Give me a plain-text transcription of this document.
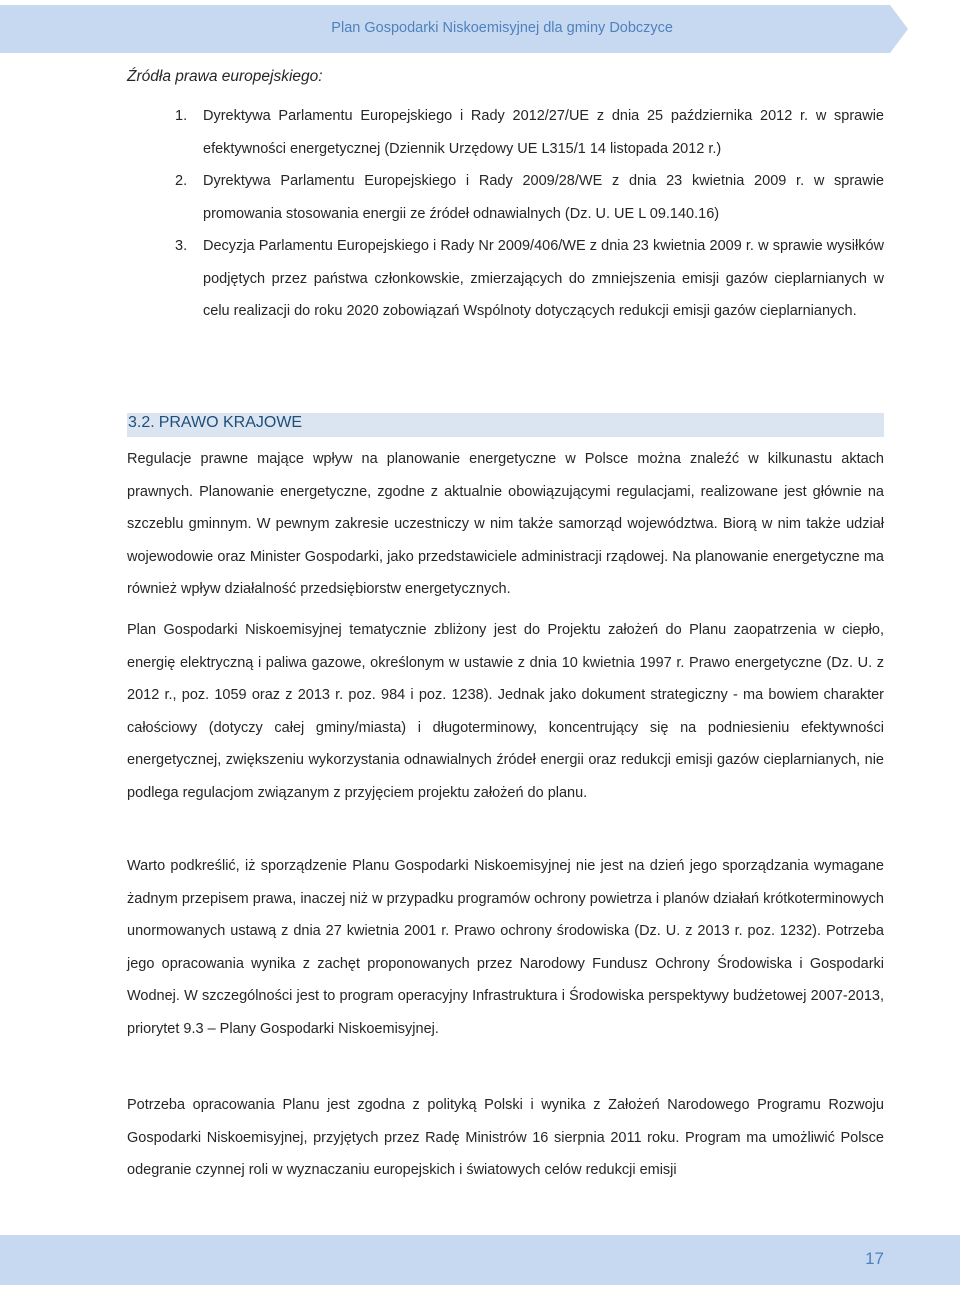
Plan Gospodarki Niskoemisyjnej dla gminy Dobczyce
Źródła prawa europejskiego:
1. Dyrektywa Parlamentu Europejskiego i Rady 2012/27/UE z dnia 25 października 2012 r. w sprawie efektywności energetycznej (Dziennik Urzędowy UE L315/1 14 listopada 2012 r.)
2. Dyrektywa Parlamentu Europejskiego i Rady 2009/28/WE z dnia 23 kwietnia 2009 r. w sprawie promowania stosowania energii ze źródeł odnawialnych (Dz. U. UE L 09.140.16)
3. Decyzja Parlamentu Europejskiego i Rady Nr 2009/406/WE z dnia 23 kwietnia 2009 r. w sprawie wysiłków podjętych przez państwa członkowskie, zmierzających do zmniejszenia emisji gazów cieplarnianych w celu realizacji do roku 2020 zobowiązań Wspólnoty dotyczących redukcji emisji gazów cieplarnianych.
3.2. PRAWO KRAJOWE

Regulacje prawne mające wpływ na planowanie energetyczne w Polsce można znaleźć w kilkunastu aktach prawnych. Planowanie energetyczne, zgodne z aktualnie obowiązującymi regulacjami, realizowane jest głównie na szczeblu gminnym. W pewnym zakresie uczestniczy w nim także samorząd województwa. Biorą w nim także udział wojewodowie oraz Minister Gospodarki, jako przedstawiciele administracji rządowej. Na planowanie energetyczne ma również wpływ działalność przedsiębiorstw energetycznych.

Plan Gospodarki Niskoemisyjnej tematycznie zbliżony jest do Projektu założeń do Planu zaopatrzenia w ciepło, energię elektryczną i paliwa gazowe, określonym w ustawie z dnia 10 kwietnia 1997 r. Prawo energetyczne (Dz. U. z 2012 r., poz. 1059 oraz z 2013 r. poz. 984 i poz. 1238). Jednak jako dokument strategiczny - ma bowiem charakter całościowy (dotyczy całej gminy/miasta) i długoterminowy, koncentrujący się na podniesieniu efektywności energetycznej, zwiększeniu wykorzystania odnawialnych źródeł energii oraz redukcji emisji gazów cieplarnianych, nie podlega regulacjom związanym z przyjęciem projektu założeń do planu.

Warto podkreślić, iż sporządzenie Planu Gospodarki Niskoemisyjnej nie jest na dzień jego sporządzania wymagane żadnym przepisem prawa, inaczej niż w przypadku programów ochrony powietrza i planów działań krótkoterminowych unormowanych ustawą z dnia 27 kwietnia 2001 r. Prawo ochrony środowiska (Dz. U. z 2013 r. poz. 1232). Potrzeba jego opracowania wynika z zachęt proponowanych przez Narodowy Fundusz Ochrony Środowiska i Gospodarki Wodnej. W szczególności jest to program operacyjny Infrastruktura i Środowiska perspektywy budżetowej 2007-2013, priorytet 9.3 – Plany Gospodarki Niskoemisyjnej.

Potrzeba opracowania Planu jest zgodna z polityką Polski i wynika z Założeń Narodowego Programu Rozwoju Gospodarki Niskoemisyjnej, przyjętych przez Radę Ministrów 16 sierpnia 2011 roku. Program ma umożliwić Polsce odegranie czynnej roli w wyznaczaniu europejskich i światowych celów redukcji emisji

17
